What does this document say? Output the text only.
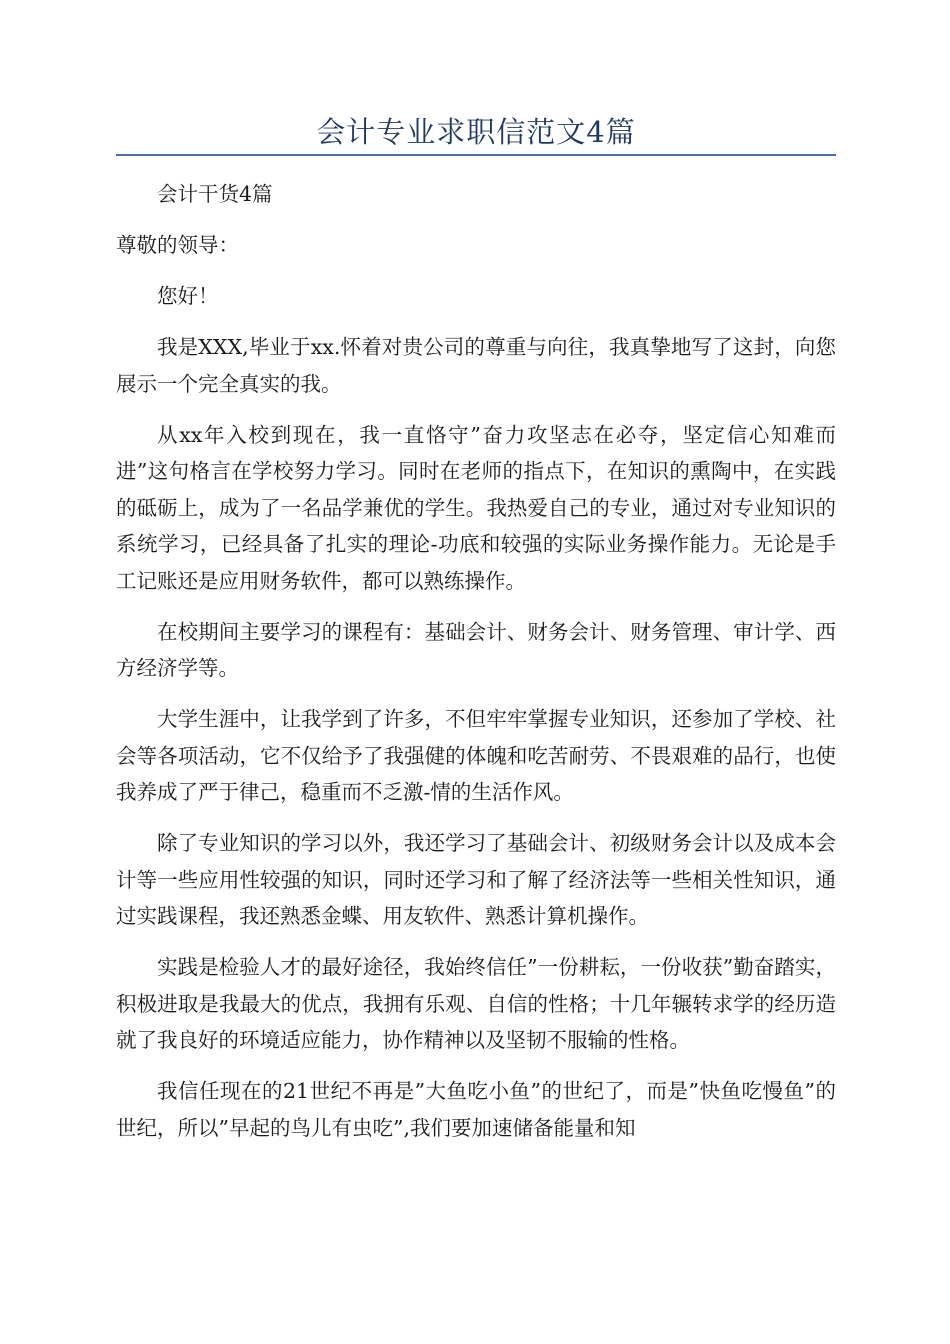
会计专业求职信范文4篇

会计干货4篇

尊敬的领导：

您好！

我是XXX,毕业于xx.怀着对贵公司的尊重与向往，我真挚地写了这封，向您展示一个完全真实的我。

从xx年入校到现在，我一直恪守”奋力攻坚志在必夺，坚定信心知难而进”这句格言在学校努力学习。同时在老师的指点下，在知识的熏陶中，在实践的砥砺上，成为了一名品学兼优的学生。我热爱自己的专业，通过对专业知识的系统学习，已经具备了扎实的理论-功底和较强的实际业务操作能力。无论是手工记账还是应用财务软件，都可以熟练操作。

在校期间主要学习的课程有：基础会计、财务会计、财务管理、审计学、西方经济学等。

大学生涯中，让我学到了许多，不但牢牢掌握专业知识，还参加了学校、社会等各项活动，它不仅给予了我强健的体魄和吃苦耐劳、不畏艰难的品行，也使我养成了严于律己，稳重而不乏激-情的生活作风。

除了专业知识的学习以外，我还学习了基础会计、初级财务会计以及成本会计等一些应用性较强的知识，同时还学习和了解了经济法等一些相关性知识，通过实践课程，我还熟悉金蝶、用友软件、熟悉计算机操作。

实践是检验人才的最好途径，我始终信任”一份耕耘，一份收获”勤奋踏实，积极进取是我最大的优点，我拥有乐观、自信的性格；十几年辗转求学的经历造就了我良好的环境适应能力，协作精神以及坚韧不服输的性格。

我信任现在的21世纪不再是”大鱼吃小鱼”的世纪了，而是”快鱼吃慢鱼”的世纪，所以”早起的鸟儿有虫吃”,我们要加速储备能量和知
